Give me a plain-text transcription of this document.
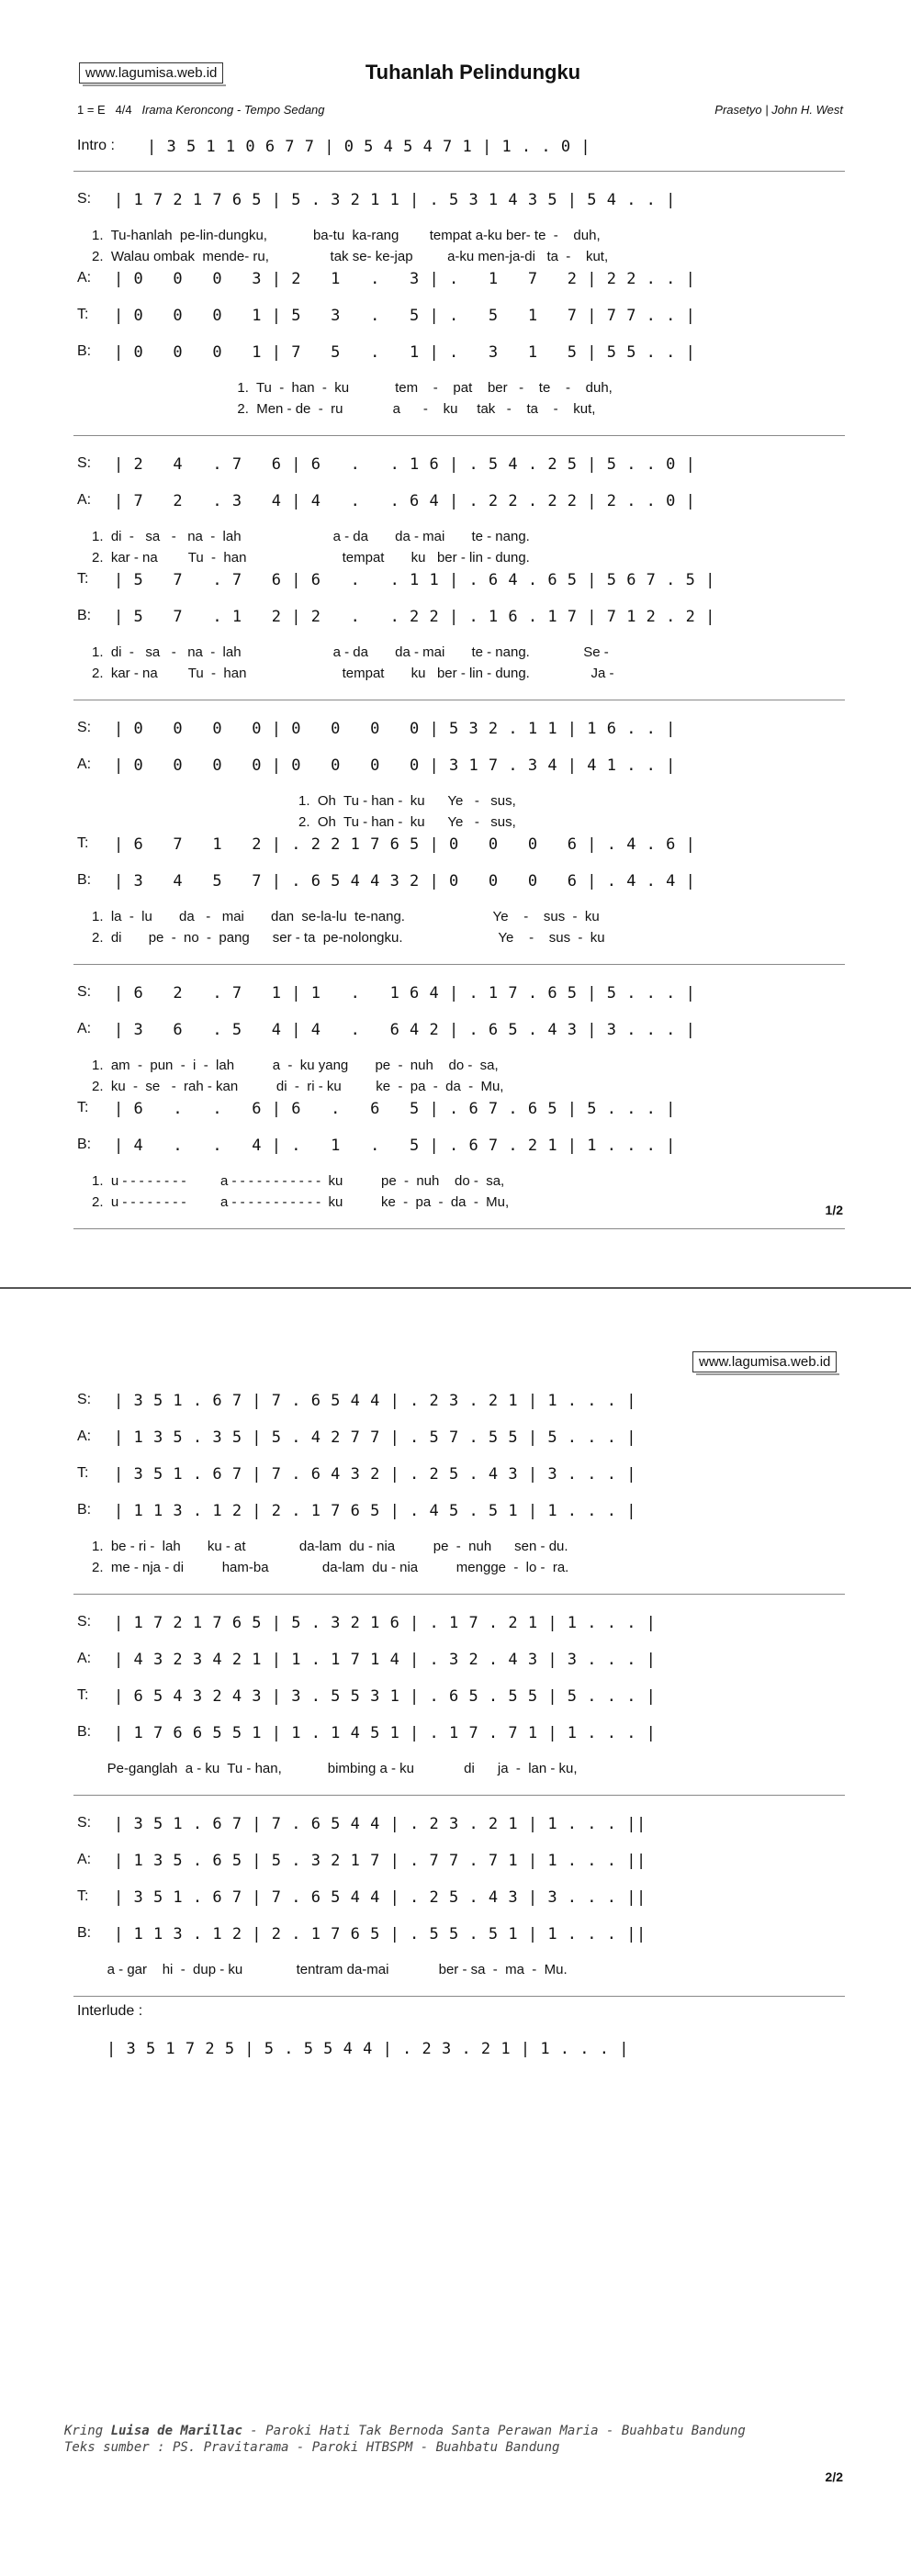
www.lagumisa.web.id	Tuhanlah Pelindungku
1 = E 4/4 Irama Keroncong - Tempo Sedang	Prasetyo | John H. West
Intro : | 3 5 1 1 0 6 7 7 | 0 5 4 5 4 7 1 | 1 . . 0 |
S:	| 1 7 2 1 7 6 5 | 5 . 3 2 1 1 | . 5 3 1 4 3 5 | 5 4 . . |
1.  Tu-hanlah  pe-lin-dungku,            ba-tu  ka-rang        tempat a-ku ber- te  -    duh,
2.  Walau ombak  mende- ru,                tak se- ke-jap         a-ku men-ja-di   ta  -    kut,
A:	| 0   0   0   3 | 2   1   .   3 | .   1   7   2 | 2 2 . . |
T:	| 0   0   0   1 | 5   3   .   5 | .   5   1   7 | 7 7 . . |
B:	| 0   0   0   1 | 7   5   .   1 | .   3   1   5 | 5 5 . . |
1.  Tu  -  han  -  ku            tem    -    pat    ber   -    te    -    duh,
2.  Men - de  -  ru             a      -    ku     tak   -    ta    -    kut,
S:	| 2   4   . 7   6 | 6   .   . 1 6 | . 5 4 . 2 5 | 5 . . 0 |
A:	| 7   2   . 3   4 | 4   .   . 6 4 | . 2 2 . 2 2 | 2 . . 0 |
1.  di  -   sa   -   na  -  lah                        a - da       da - mai       te - nang.
2.  kar - na        Tu  -  han                         tempat       ku   ber - lin - dung.
T:	| 5   7   . 7   6 | 6   .   . 1 1 | . 6 4 . 6 5 | 5 6 7 . 5 |
B:	| 5   7   . 1   2 | 2   .   . 2 2 | . 1 6 . 1 7 | 7 1 2 . 2 |
1.  di  -   sa   -   na  -  lah                        a - da       da - mai       te - nang.              Se -
2.  kar - na        Tu  -  han                         tempat       ku   ber - lin - dung.                Ja -
S:	| 0   0   0   0 | 0   0   0   0 | 5 3 2 . 1 1 | 1 6 . . |
A:	| 0   0   0   0 | 0   0   0   0 | 3 1 7 . 3 4 | 4 1 . . |
1.  Oh  Tu - han -  ku      Ye   -   sus,
2.  Oh  Tu - han -  ku      Ye   -   sus,
T:	| 6   7   1   2 | . 2 2 1 7 6 5 | 0   0   0   6 | . 4 . 6 |
B:	| 3   4   5   7 | . 6 5 4 4 3 2 | 0   0   0   6 | . 4 . 4 |
1.  la  -  lu       da   -   mai       dan  se-la-lu  te-nang.                       Ye    -    sus  -  ku
2.  di       pe  -  no  -  pang      ser - ta  pe-nolongku.                         Ye    -    sus  -  ku
S:	| 6   2   . 7   1 | 1   .   1 6 4 | . 1 7 . 6 5 | 5 . . . |
A:	| 3   6   . 5   4 | 4   .   6 4 2 | . 6 5 . 4 3 | 3 . . . |
1.  am  -  pun  -  i  -  lah          a  -  ku yang       pe  -  nuh    do -  sa,
2.  ku  -  se   -  rah - kan          di  -  ri - ku         ke  -  pa  -  da  -  Mu,
T:	| 6   .   .   6 | 6   .   6   5 | . 6 7 . 6 5 | 5 . . . |
B:	| 4   .   .   4 | .   1   .   5 | . 6 7 . 2 1 | 1 . . . |
1.  u - - - - - - - -         a - - - - - - - - - - -  ku          pe  -  nuh    do -  sa,
2.  u - - - - - - - -         a - - - - - - - - - - -  ku          ke  -  pa  -  da  -  Mu,	1/2
www.lagumisa.web.id
S:	| 3 5 1 . 6 7 | 7 . 6 5 4 4 | . 2 3 . 2 1 | 1 . . . |
A:	| 1 3 5 . 3 5 | 5 . 4 2 7 7 | . 5 7 . 5 5 | 5 . . . |
T:	| 3 5 1 . 6 7 | 7 . 6 4 3 2 | . 2 5 . 4 3 | 3 . . . |
B:	| 1 1 3 . 1 2 | 2 . 1 7 6 5 | . 4 5 . 5 1 | 1 . . . |
1.  be - ri -  lah       ku - at              da-lam  du - nia          pe  -  nuh      sen - du.
2.  me - nja - di          ham-ba              da-lam  du - nia          mengge  -  lo -  ra.
S:	| 1 7 2 1 7 6 5 | 5 . 3 2 1 6 | . 1 7 . 2 1 | 1 . . . |
A:	| 4 3 2 3 4 2 1 | 1 . 1 7 1 4 | . 3 2 . 4 3 | 3 . . . |
T:	| 6 5 4 3 2 4 3 | 3 . 5 5 3 1 | . 6 5 . 5 5 | 5 . . . |
B:	| 1 7 6 6 5 5 1 | 1 . 1 4 5 1 | . 1 7 . 7 1 | 1 . . . |
Pe-ganglah  a - ku  Tu - han,            bimbing a - ku             di      ja  -  lan - ku,
S:	| 3 5 1 . 6 7 | 7 . 6 5 4 4 | . 2 3 . 2 1 | 1 . . . ||
A:	| 1 3 5 . 6 5 | 5 . 3 2 1 7 | . 7 7 . 7 1 | 1 . . . ||
T:	| 3 5 1 . 6 7 | 7 . 6 5 4 4 | . 2 5 . 4 3 | 3 . . . ||
B:	| 1 1 3 . 1 2 | 2 . 1 7 6 5 | . 5 5 . 5 1 | 1 . . . ||
a - gar    hi  -  dup - ku              tentram da-mai             ber - sa  -  ma  -  Mu.
Interlude :
| 3 5 1 7 2 5 | 5 . 5 5 4 4 | . 2 3 . 2 1 | 1 . . . |
Kring Luisa de Marillac - Paroki Hati Tak Bernoda Santa Perawan Maria - Buahbatu Bandung
Teks sumber : PS. Pravitarama - Paroki HTBSPM - Buahbatu Bandung
2/2
